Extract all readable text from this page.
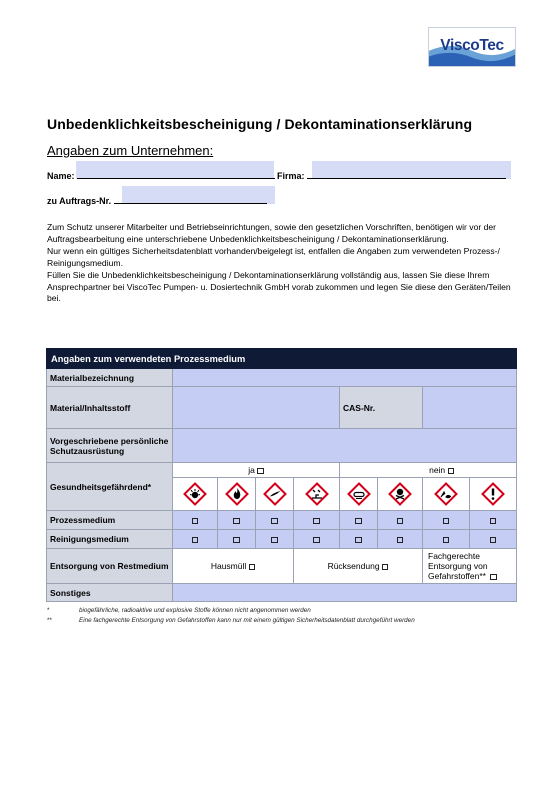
ViscoTec
Unbedenklichkeitsbescheinigung / Dekontaminationserklärung
Angaben zum Unternehmen:
Name:	Firma:
zu Auftrags-Nr.
Zum Schutz unserer Mitarbeiter und Betriebseinrichtungen, sowie den gesetzlichen Vorschriften, benötigen wir vor der Auftragsbearbeitung eine unterschriebene Unbedenklichkeitsbescheinigung / Dekontaminationserklärung.
Nur wenn ein gültiges Sicherheitsdatenblatt vorhanden/beigelegt ist, entfallen die Angaben zum verwendeten Prozess-/ Reinigungsmedium.
Füllen Sie die Unbedenklichkeitsbescheinigung / Dekontaminationserklärung vollständig aus, lassen Sie diese Ihrem Ansprechpartner bei ViscoTec Pumpen- u. Dosiertechnik GmbH vorab zukommen und legen Sie diese den Geräten/Teilen bei.
Angaben zum verwendeten Prozessmedium								
Materialbezeichnung								
Material/Inhaltsstoff					CAS-Nr.			
Vorgeschriebene persönliche Schutzausrüstung								
Gesundheitsgefährdend*	ja				nein			

Prozessmedium								
Reinigungsmedium								
Entsorgung von Restmedium	Hausmüll			Rücksendung			Fachgerechte Entsorgung von Gefahrstoffen**	
Sonstiges								
*	biogefährliche, radioaktive und explosive Stoffe können nicht angenommen werden
**	Eine fachgerechte Entsorgung von Gefahrstoffen kann nur mit einem gültigen Sicherheitsdatenblatt durchgeführt werden
